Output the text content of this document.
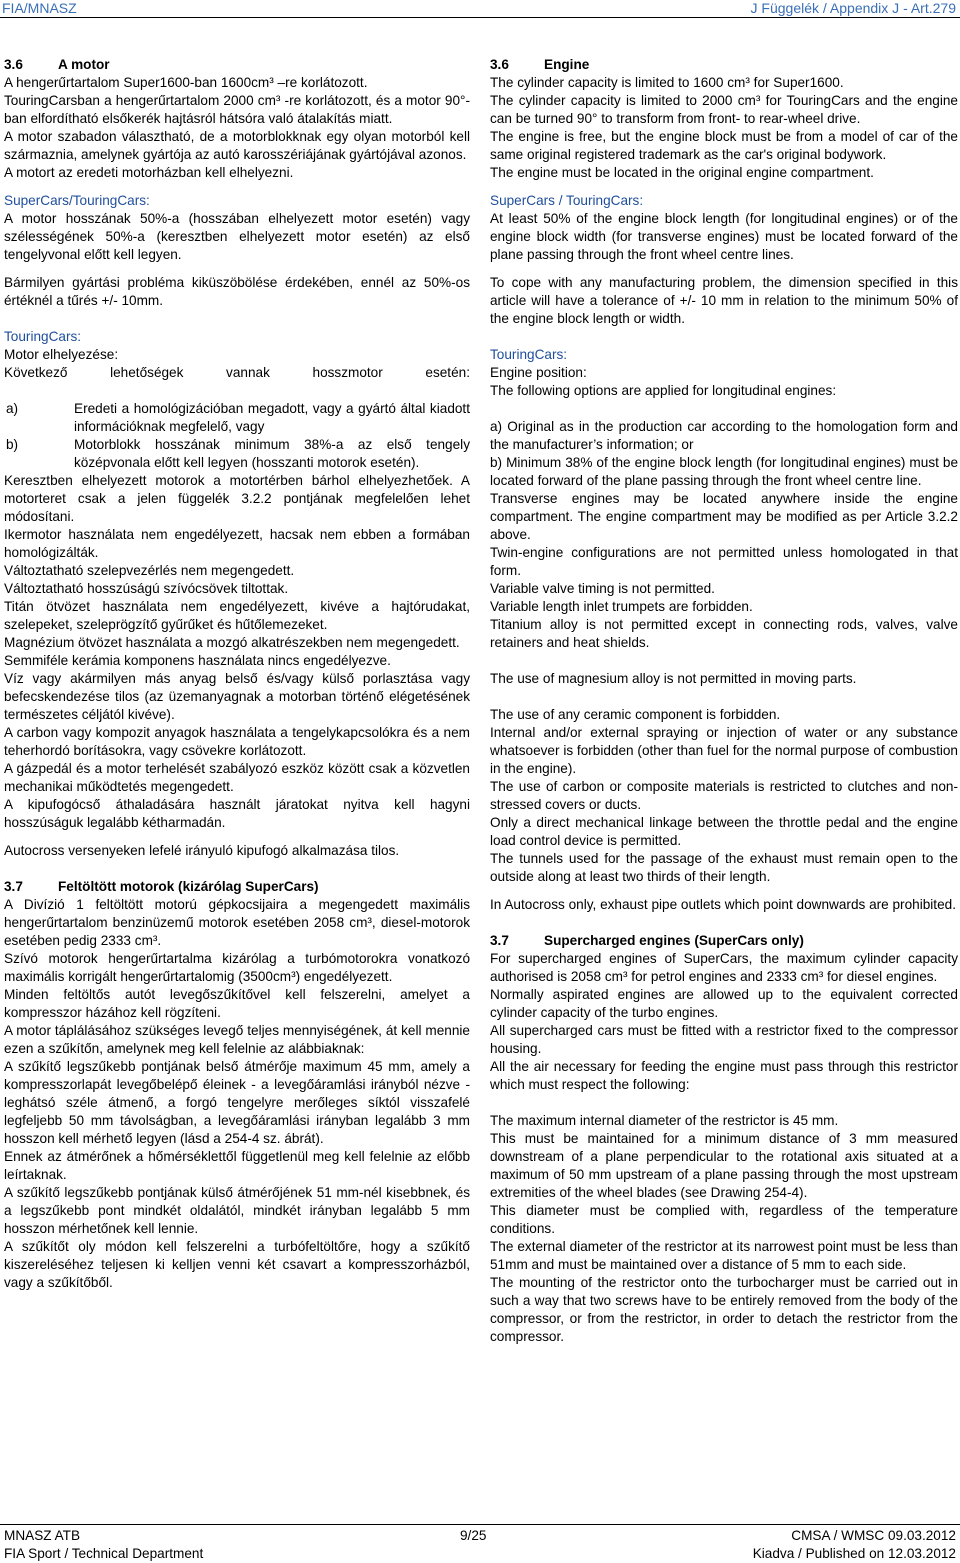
FIA/MNASZ	J Függelék / Appendix J - Art.279

3.6	A motor

A hengerűrtartalom Super1600-ban 1600cm³ –re korlátozott.

TouringCarsban a hengerűrtartalom 2000 cm³ -re korlátozott, és a motor 90°-ban elfordítható elsőkerék hajtásról hátsóra való átalakítás miatt.

A motor szabadon választható, de a motorblokknak egy olyan motorból kell származnia, amelynek gyártója az autó karosszériájának gyártójával azonos.

A motort az eredeti motorházban kell elhelyezni.

SuperCars/TouringCars:

A motor hosszának 50%-a (hosszában elhelyezett motor esetén) vagy szélességének 50%-a (keresztben elhelyezett motor esetén) az első tengelyvonal előtt kell legyen.

Bármilyen gyártási probléma kiküszöbölése érdekében, ennél az 50%-os értéknél a tűrés +/- 10mm.

TouringCars:

Motor elhelyezése:

Következő lehetőségek vannak hosszmotor esetén:

a)	Eredeti a homológizációban megadott, vagy a gyártó által kiadott információknak megfelelő, vagy
b)	Motorblokk hosszának minimum 38%-a az első tengely középvonala előtt kell legyen (hosszanti motorok esetén).

Keresztben elhelyezett motorok a motortérben bárhol elhelyezhetőek. A motorteret csak a jelen függelék 3.2.2 pontjának megfelelően lehet módosítani.

Ikermotor használata nem engedélyezett, hacsak nem ebben a formában homológizálták.

Változtatható szelepvezérlés nem megengedett.

Változtatható hosszúságú szívócsövek tiltottak.

Titán ötvözet használata nem engedélyezett, kivéve a hajtórudakat, szelepeket, szeleprögzítő gyűrűket és hűtőlemezeket.

Magnézium ötvözet használata a mozgó alkatrészekben nem megengedett.

Semmiféle kerámia komponens használata nincs engedélyezve.

Víz vagy akármilyen más anyag belső és/vagy külső porlasztása vagy befecskendezése tilos (az üzemanyagnak a motorban történő elégetésének természetes céljától kivéve).

A carbon vagy kompozit anyagok használata a tengelykapcsolókra és a nem teherhordó borításokra, vagy csövekre korlátozott.

A gázpedál és a motor terhelését szabályozó eszköz között csak a közvetlen mechanikai működtetés megengedett.

A kipufogócső áthaladására használt járatokat nyitva kell hagyni hosszúságuk legalább kétharmadán.

Autocross versenyeken lefelé irányuló kipufogó alkalmazása tilos.

3.7	Feltöltött motorok (kizárólag SuperCars)

A Divízió 1 feltöltött motorú gépkocsijaira a megengedett maximális hengerűrtartalom benzinüzemű motorok esetében 2058 cm³, diesel-motorok esetében pedig 2333 cm³.

Szívó motorok hengerűrtartalma kizárólag a turbómotorokra vonatkozó maximális korrigált hengerűrtartalomig (3500cm³) engedélyezett.

Minden feltöltős autót levegőszűkítővel kell felszerelni, amelyet a kompresszor házához kell rögzíteni.

A motor táplálásához szükséges levegő teljes mennyiségének, át kell mennie ezen a szűkítőn, amelynek meg kell felelnie az alábbiaknak:

A szűkítő legszűkebb pontjának belső átmérője maximum 45 mm, amely a kompresszorlapát levegőbelépő éleinek - a levegőáramlási irányból nézve - leghátsó széle átmenő, a forgó tengelyre merőleges síktól visszafelé legfeljebb 50 mm távolságban, a levegőáramlási irányban legalább 3 mm hosszon kell mérhető legyen (lásd a 254-4 sz. ábrát).

Ennek az átmérőnek a hőmérséklettől függetlenül meg kell felelnie az előbb leírtaknak.

A szűkítő legszűkebb pontjának külső átmérőjének 51 mm-nél kisebbnek, és a legszűkebb pont mindkét oldalától, mindkét irányban legalább 5 mm hosszon mérhetőnek kell lennie.

A szűkítőt oly módon kell felszerelni a turbófeltöltőre, hogy a szűkítő kiszereléséhez teljesen ki kelljen venni két csavart a kompresszorházból, vagy a szűkítőből.

3.6	Engine

The cylinder capacity is limited to 1600 cm³ for Super1600.

The cylinder capacity is limited to 2000 cm³ for TouringCars and the engine can be turned 90° to transform from front- to rear-wheel drive.

The engine is free, but the engine block must be from a model of car of the same original registered trademark as the car's original bodywork.

The engine must be located in the original engine compartment.

SuperCars / TouringCars:

At least 50% of the engine block length (for longitudinal engines) or of the engine block width (for transverse engines) must be located forward of the plane passing through the front wheel centre lines.

To cope with any manufacturing problem, the dimension specified in this article will have a tolerance of +/- 10 mm in relation to the minimum 50% of the engine block length or width.

TouringCars:

Engine position:

The following options are applied for longitudinal engines:

a) Original as in the production car according to the homologation form and the manufacturer’s information; or

b) Minimum 38% of the engine block length (for longitudinal engines) must be located forward of the plane passing through the front wheel centre line.

Transverse engines may be located anywhere inside the engine compartment. The engine compartment may be modified as per Article 3.2.2 above.

Twin-engine configurations are not permitted unless homologated in that form.

Variable valve timing is not permitted.

Variable length inlet trumpets are forbidden.

Titanium alloy is not permitted except in connecting rods, valves, valve retainers and heat shields.

The use of magnesium alloy is not permitted in moving parts.

The use of any ceramic component is forbidden.

Internal and/or external spraying or injection of water or any substance whatsoever is forbidden (other than fuel for the normal purpose of combustion in the engine).

The use of carbon or composite materials is restricted to clutches and non-stressed covers or ducts.

Only a direct mechanical linkage between the throttle pedal and the engine load control device is permitted.

The tunnels used for the passage of the exhaust must remain open to the outside along at least two thirds of their length.

In Autocross only, exhaust pipe outlets which point downwards are prohibited.

3.7	Supercharged engines (SuperCars only)

For supercharged engines of SuperCars, the maximum cylinder capacity authorised is 2058 cm³ for petrol engines and 2333 cm³ for diesel engines.

Normally aspirated engines are allowed up to the equivalent corrected cylinder capacity of the turbo engines.

All supercharged cars must be fitted with a restrictor fixed to the compressor housing.

All the air necessary for feeding the engine must pass through this restrictor which must respect the following:

The maximum internal diameter of the restrictor is 45 mm.

This must be maintained for a minimum distance of 3 mm measured downstream of a plane perpendicular to the rotational axis situated at a maximum of 50 mm upstream of a plane passing through the most upstream extremities of the wheel blades (see Drawing 254-4).

This diameter must be complied with, regardless of the temperature conditions.

The external diameter of the restrictor at its narrowest point must be less than 51mm and must be maintained over a distance of 5 mm to each side.

The mounting of the restrictor onto the turbocharger must be carried out in such a way that two screws have to be entirely removed from the body of the compressor, or from the restrictor, in order to detach the restrictor from the compressor.

MNASZ ATB
FIA Sport / Technical Department
9/25	CMSA / WMSC 09.03.2012
Kiadva / Published on 12.03.2012
